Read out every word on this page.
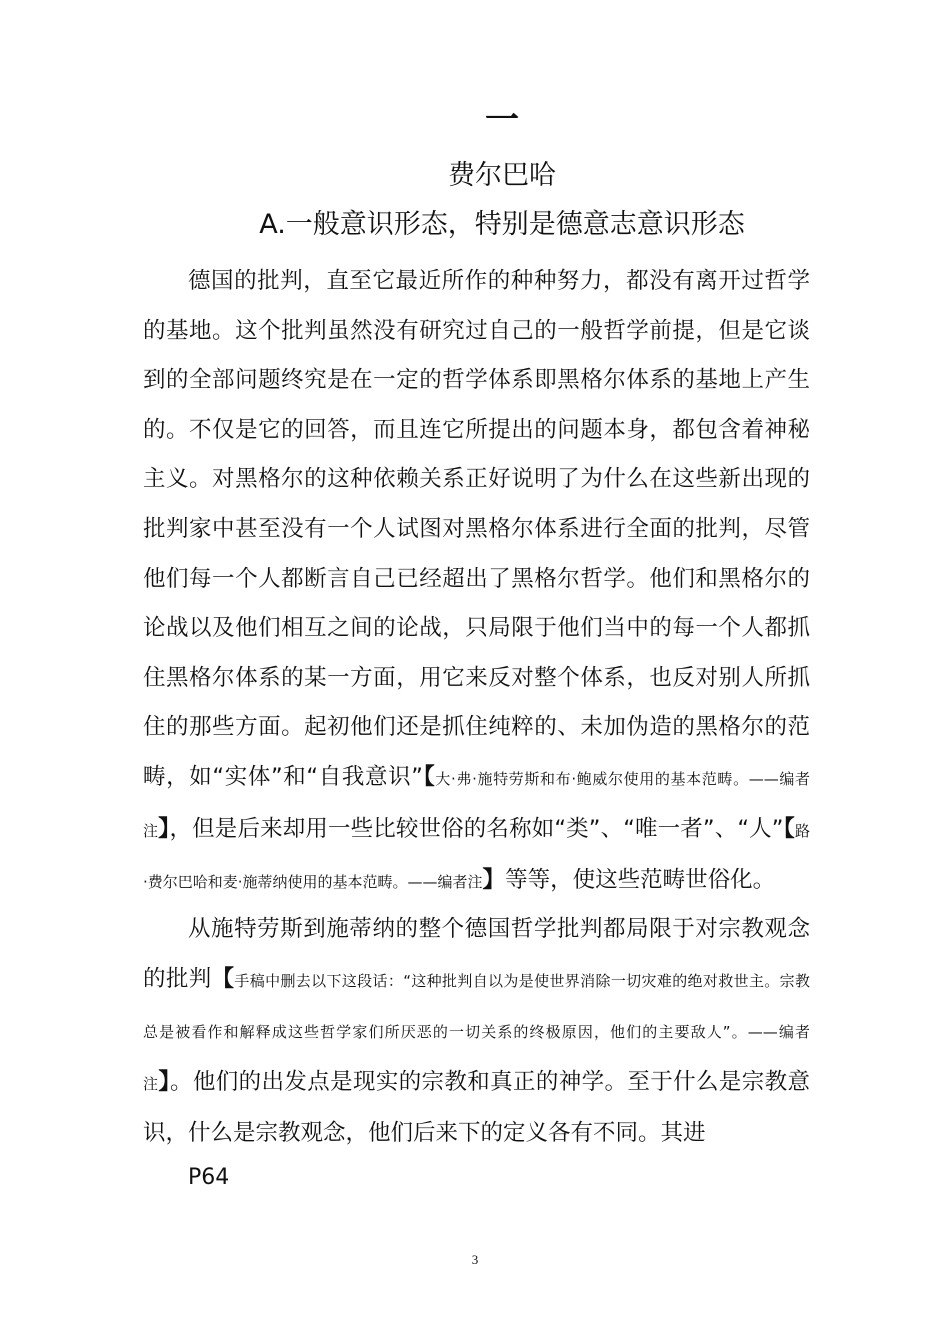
一
费尔巴哈
A.一般意识形态，特别是德意志意识形态

德国的批判，直至它最近所作的种种努力，都没有离开过哲学的基地。这个批判虽然没有研究过自己的一般哲学前提，但是它谈到的全部问题终究是在一定的哲学体系即黑格尔体系的基地上产生的。不仅是它的回答，而且连它所提出的问题本身，都包含着神秘主义。对黑格尔的这种依赖关系正好说明了为什么在这些新出现的批判家中甚至没有一个人试图对黑格尔体系进行全面的批判，尽管他们每一个人都断言自己已经超出了黑格尔哲学。他们和黑格尔的论战以及他们相互之间的论战，只局限于他们当中的每一个人都抓住黑格尔体系的某一方面，用它来反对整个体系，也反对别人所抓住的那些方面。起初他们还是抓住纯粹的、未加伪造的黑格尔的范畴，如“实体”和“自我意识”【大·弗·施特劳斯和布·鲍威尔使用的基本范畴。——编者注】，但是后来却用一些比较世俗的名称如“类”、“唯一者”、“人”【路·费尔巴哈和麦·施蒂纳使用的基本范畴。——编者注】等等，使这些范畴世俗化。

从施特劳斯到施蒂纳的整个德国哲学批判都局限于对宗教观念的批判【手稿中删去以下这段话：“这种批判自以为是使世界消除一切灾难的绝对救世主。宗教总是被看作和解释成这些哲学家们所厌恶的一切关系的终极原因，他们的主要敌人”。——编者注】。他们的出发点是现实的宗教和真正的神学。至于什么是宗教意识，什么是宗教观念，他们后来下的定义各有不同。其进

P64
3
